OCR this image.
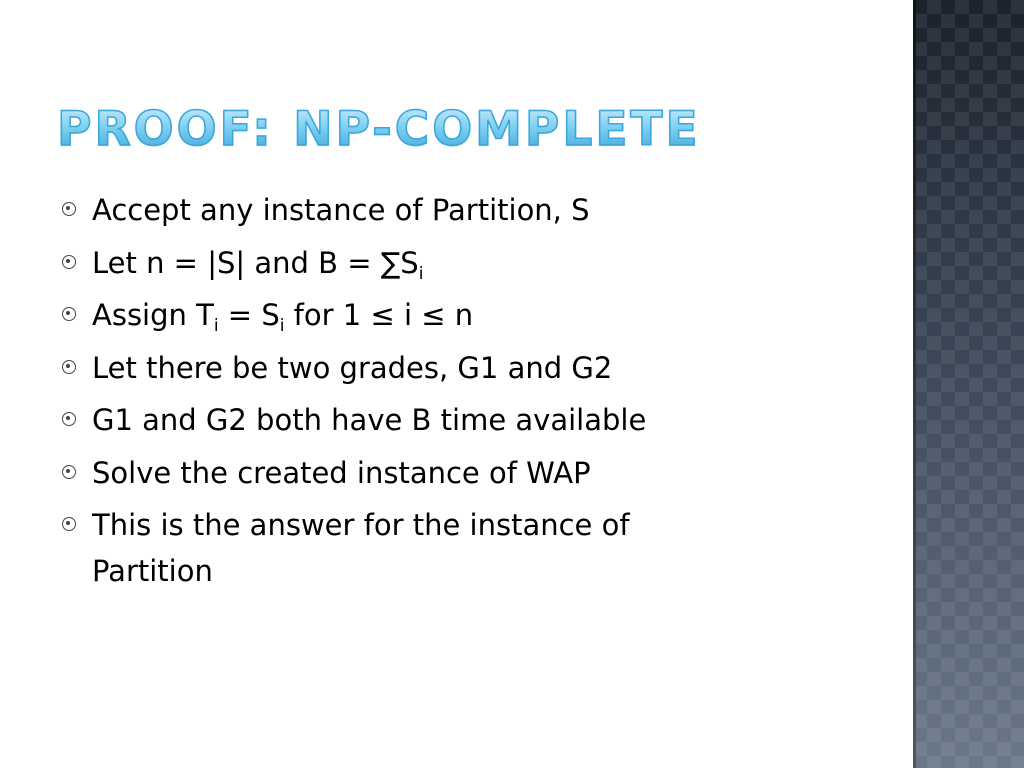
PROOF: NP-COMPLETE
Accept any instance of Partition, S
Let n = |S| and $B = \sum S_i$
Assign $T_i = S_i$ for 1 ≤ i ≤ n
Let there be two grades, G1 and G2
G1 and G2 both have B time available
Solve the created instance of WAP
This is the answer for the instance of Partition
